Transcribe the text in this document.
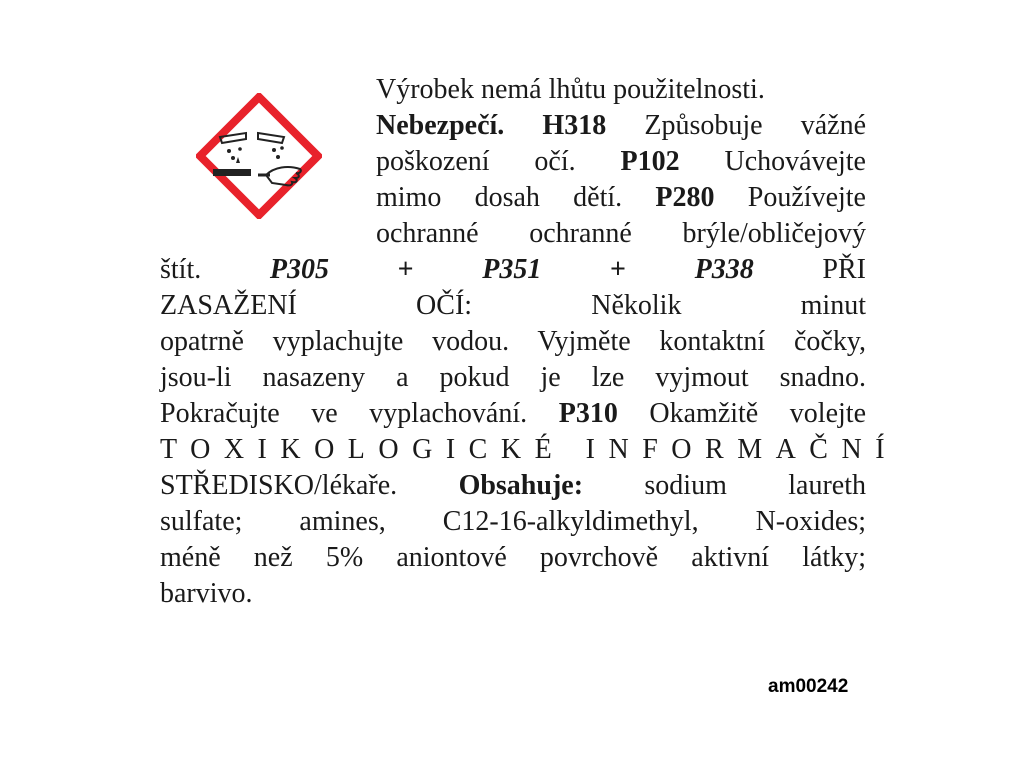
Výrobek nemá lhůtu použitelnosti.
Nebezpečí. H318 Způsobuje vážné
poškození očí. P102 Uchovávejte
mimo dosah dětí. P280 Používejte
ochranné ochranné brýle/obličejový
štít. P305 + P351 + P338 PŘI
ZASAŽENÍ OČÍ: Několik minut
opatrně vyplachujte vodou. Vyjměte kontaktní čočky,
jsou-li nasazeny a pokud je lze vyjmout snadno.
Pokračujte ve vyplachování. P310 Okamžitě volejte
TOXIKOLOGICKÉ INFORMAČNÍ
STŘEDISKO/lékaře. Obsahuje: sodium laureth
sulfate; amines, C12-16-alkyldimethyl, N-oxides;
méně než 5% aniontové povrchově aktivní látky;
barvivo.
am00242
